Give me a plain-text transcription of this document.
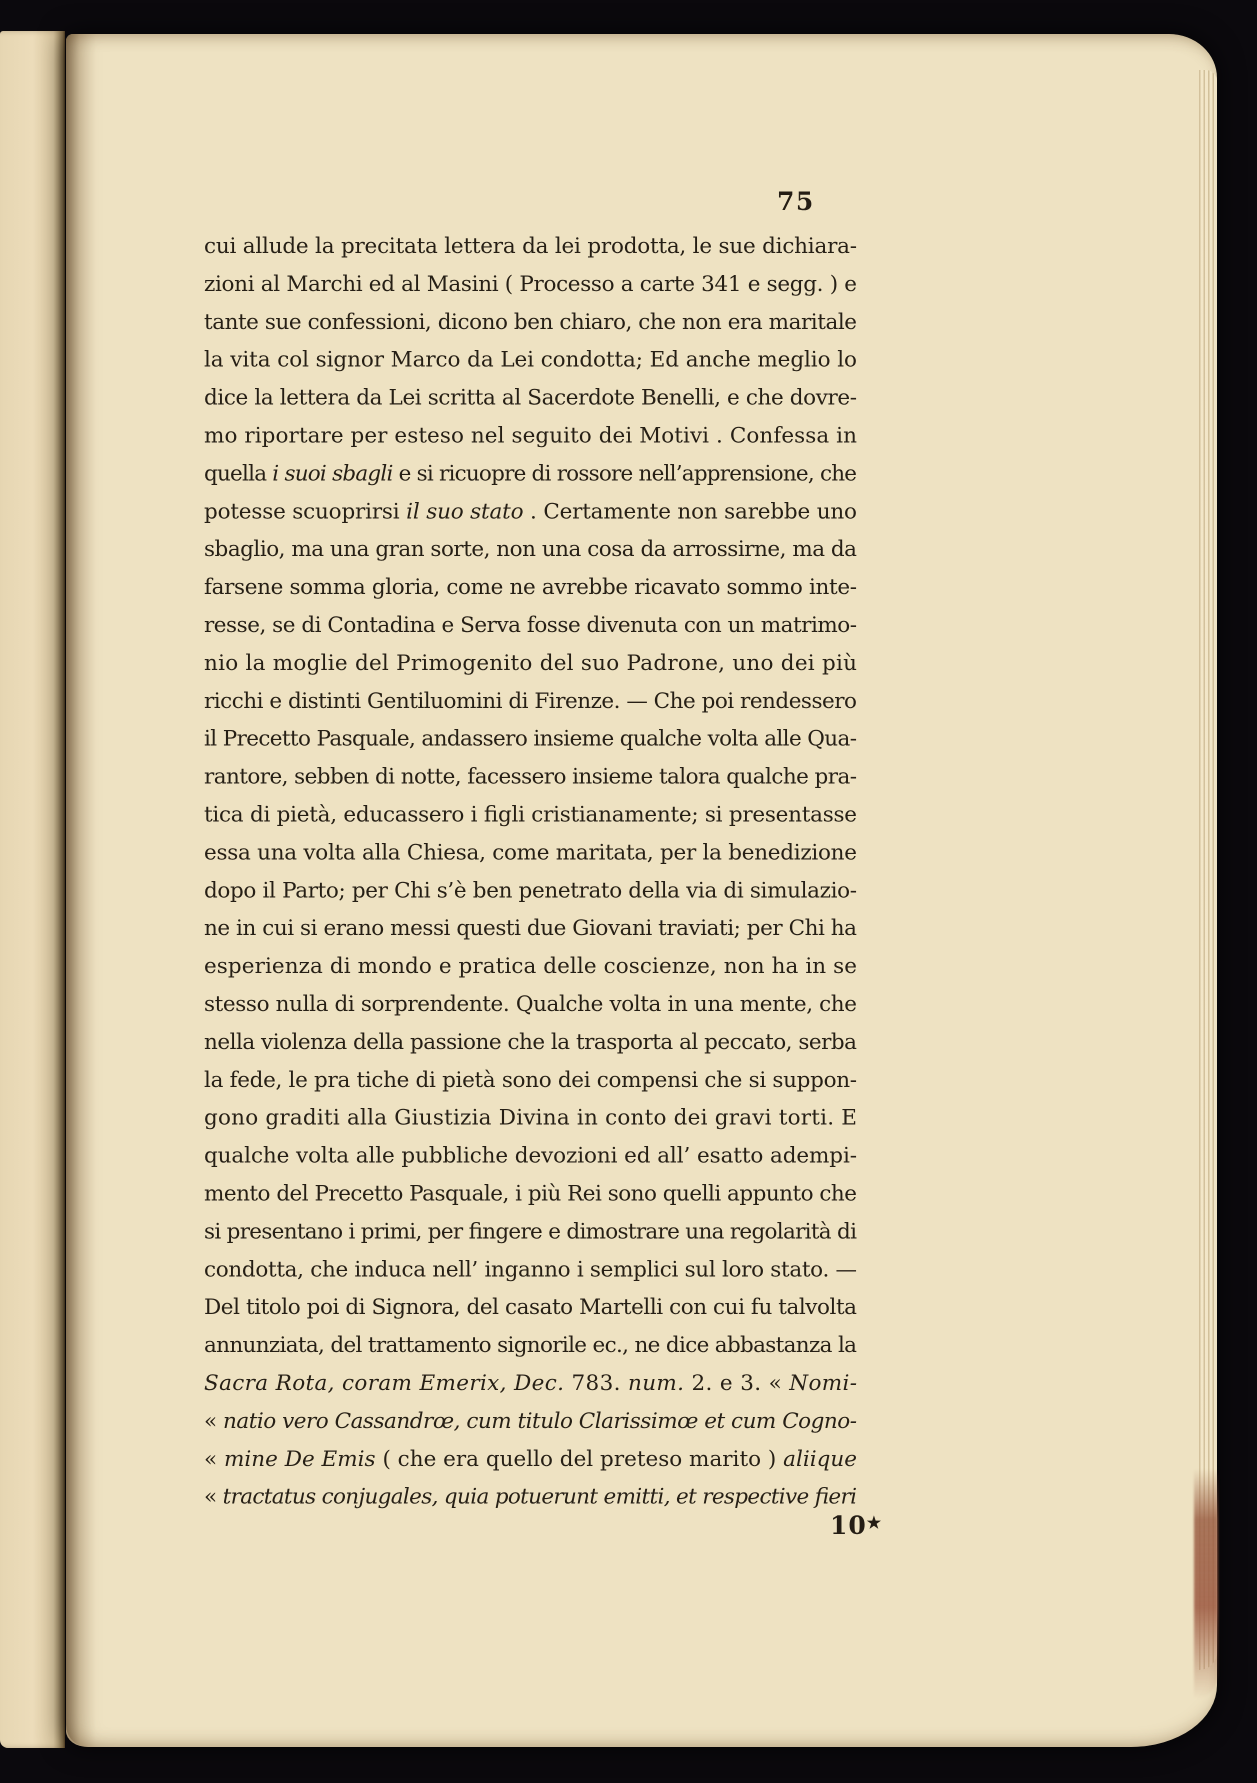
75
cui allude la precitata lettera da lei prodotta, le sue dichiara-
zioni al Marchi ed al Masini ( Processo a carte 341 e segg. ) e
tante sue confessioni, dicono ben chiaro, che non era maritale
la vita col signor Marco da Lei condotta; Ed anche meglio lo
dice la lettera da Lei scritta al Sacerdote Benelli, e che dovre-
mo riportare per esteso nel seguito dei Motivi . Confessa in
quella i suoi sbagli e si ricuopre di rossore nell’apprensione, che
potesse scuoprirsi il suo stato . Certamente non sarebbe uno
sbaglio, ma una gran sorte, non una cosa da arrossirne, ma da
farsene somma gloria, come ne avrebbe ricavato sommo inte-
resse, se di Contadina e Serva fosse divenuta con un matrimo-
nio la moglie del Primogenito del suo Padrone, uno dei più
ricchi e distinti Gentiluomini di Firenze. — Che poi rendessero
il Precetto Pasquale, andassero insieme qualche volta alle Qua-
rantore, sebben di notte, facessero insieme talora qualche pra-
tica di pietà, educassero i figli cristianamente; si presentasse
essa una volta alla Chiesa, come maritata, per la benedizione
dopo il Parto; per Chi s’è ben penetrato della via di simulazio-
ne in cui si erano messi questi due Giovani traviati; per Chi ha
esperienza di mondo e pratica delle coscienze, non ha in se
stesso nulla di sorprendente. Qualche volta in una mente, che
nella violenza della passione che la trasporta al peccato, serba
la fede, le pra tiche di pietà sono dei compensi che si suppon-
gono graditi alla Giustizia Divina in conto dei gravi torti. E
qualche volta alle pubbliche devozioni ed all’ esatto adempi-
mento del Precetto Pasquale, i più Rei sono quelli appunto che
si presentano i primi, per fingere e dimostrare una regolarità di
condotta, che induca nell’ inganno i semplici sul loro stato. —
Del titolo poi di Signora, del casato Martelli con cui fu talvolta
annunziata, del trattamento signorile ec., ne dice abbastanza la
Sacra Rota, coram Emerix, Dec. 783. num. 2. e 3. « Nomi-
« natio vero Cassandrœ, cum titulo Clarissimœ et cum Cogno-
« mine De Emis ( che era quello del preteso marito ) aliique
« tractatus conjugales, quia potuerunt emitti, et respective fieri
10★
